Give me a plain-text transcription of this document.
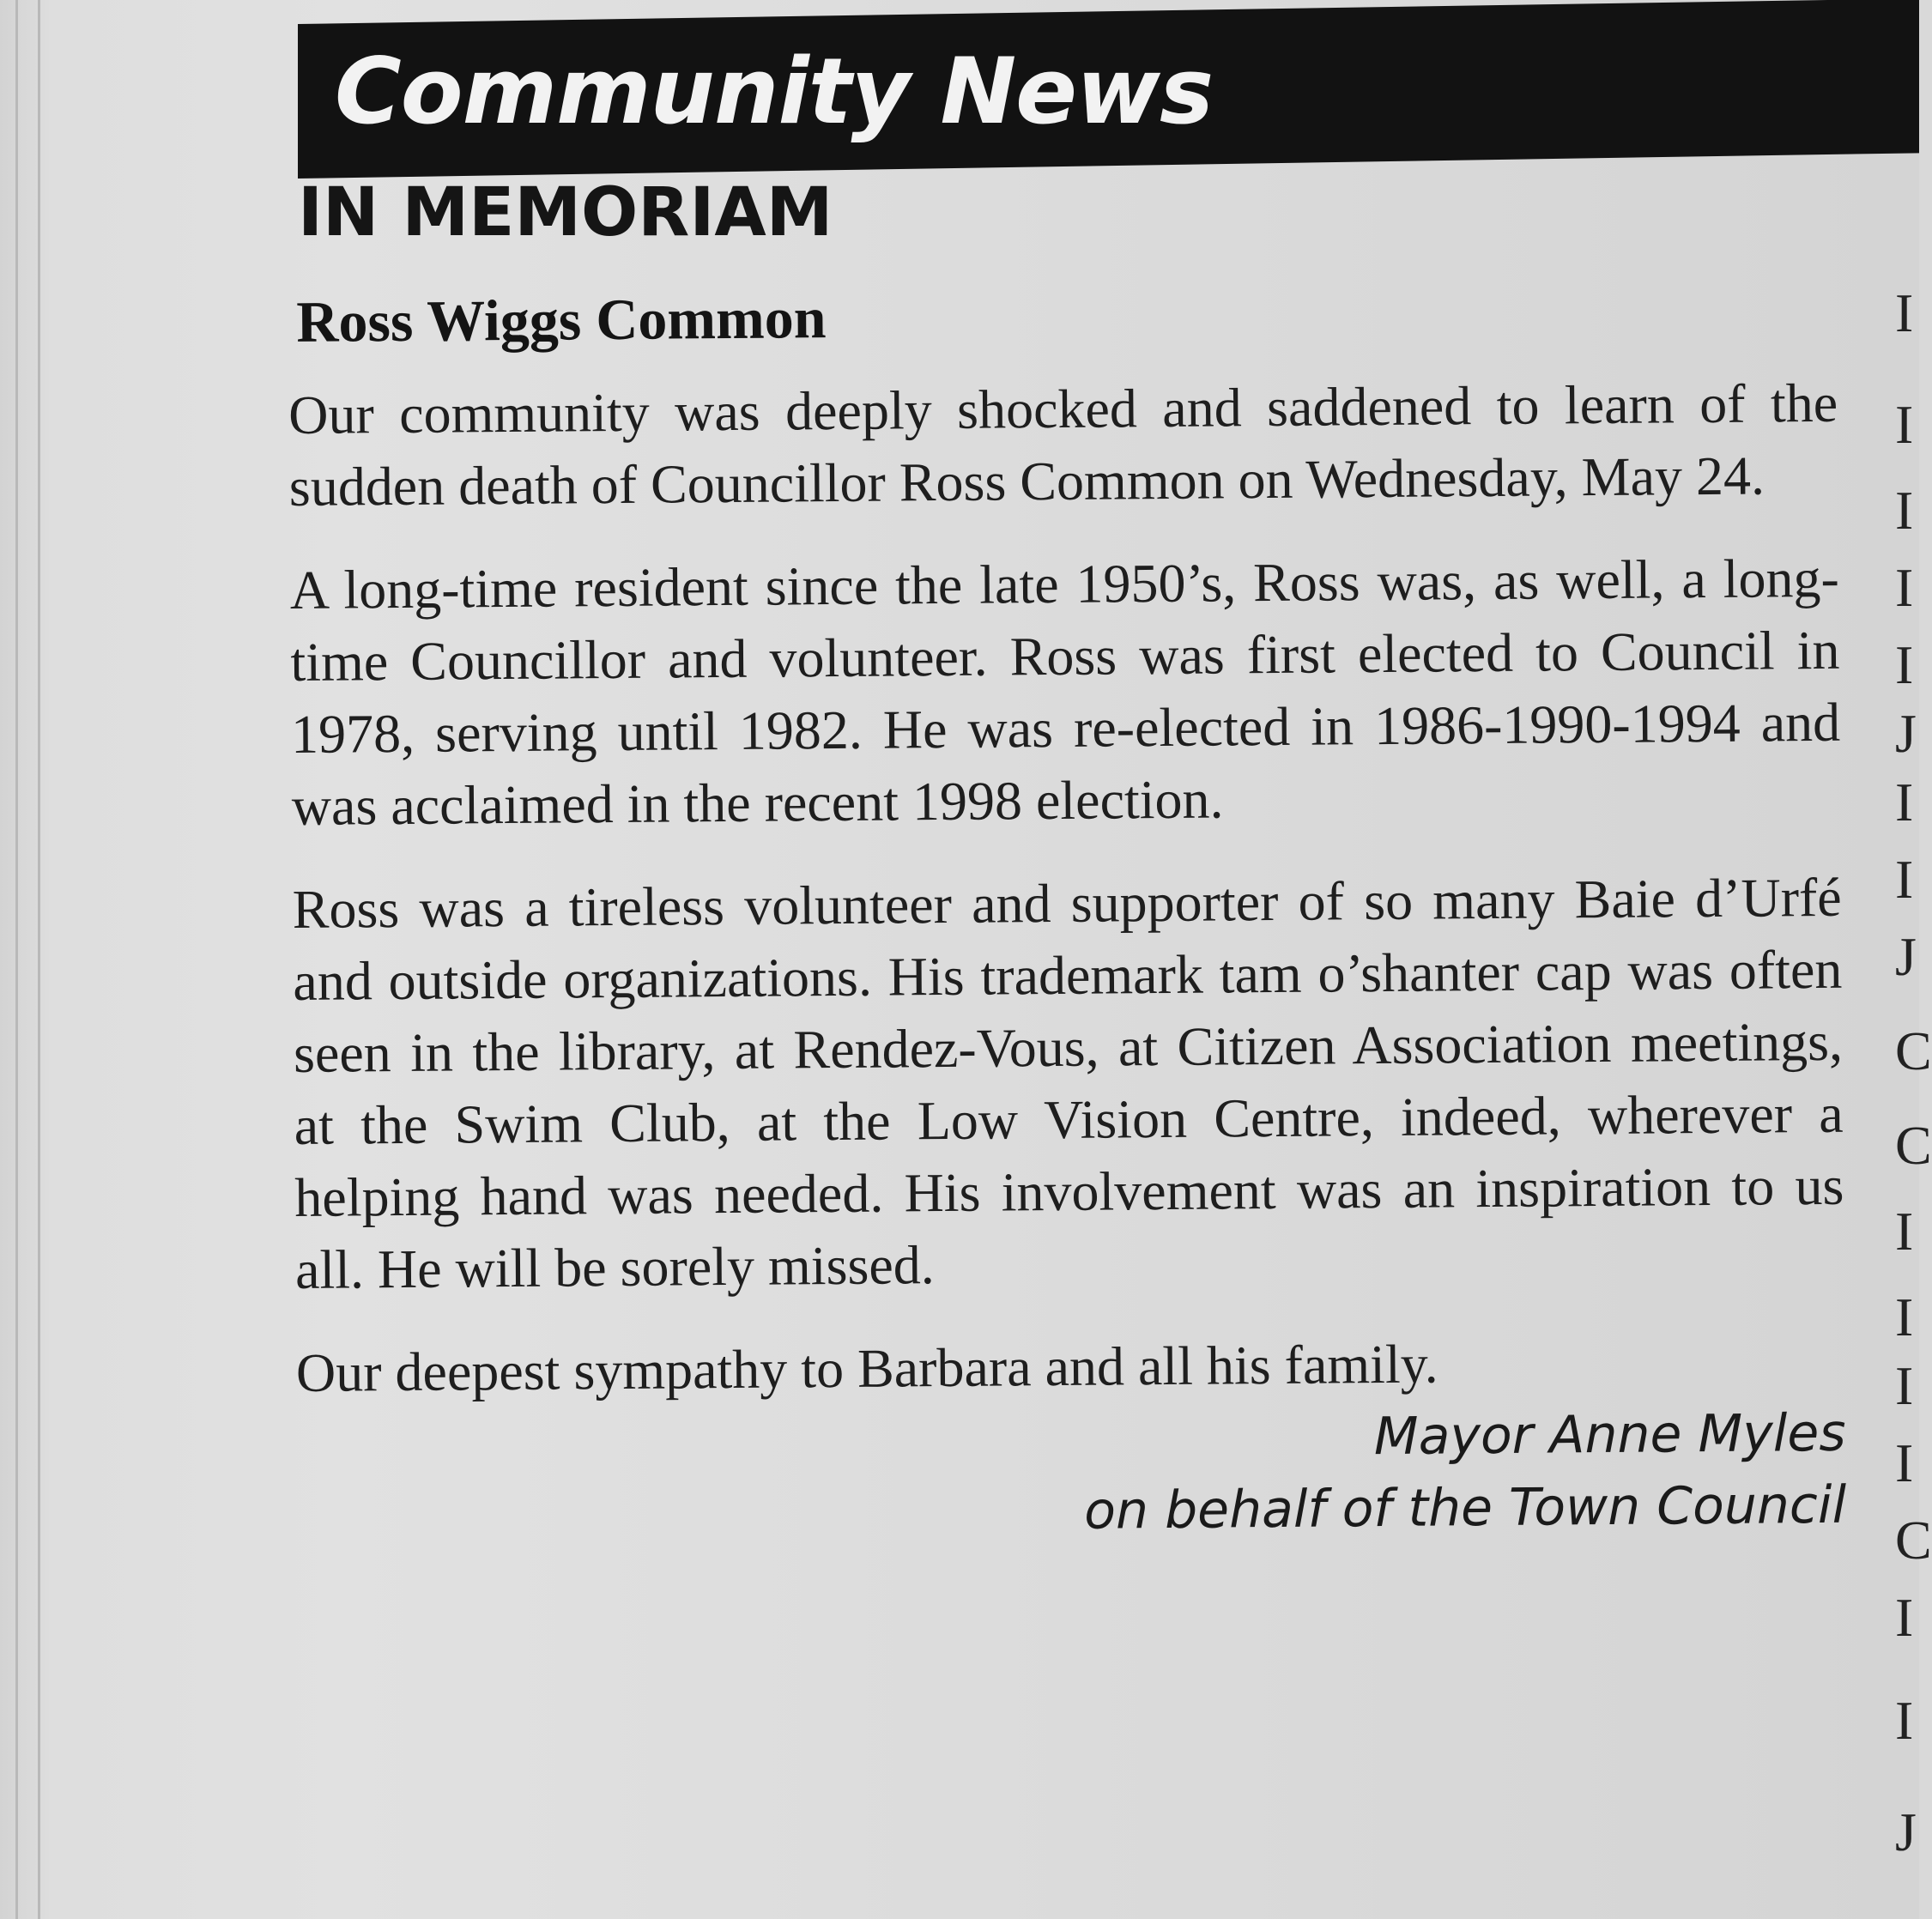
Community News
IN MEMORIAM
Ross Wiggs Common

Our community was deeply shocked and saddened to learn of the sudden death of Councillor Ross Common on Wednesday, May 24.

A long-time resident since the late 1950’s, Ross was, as well, a long-time Councillor and volunteer. Ross was first elected to Council in 1978, serving until 1982. He was re-elected in 1986-1990-1994 and was acclaimed in the recent 1998 election.

Ross was a tireless volunteer and supporter of so many Baie d’Urfé and outside organizations. His trademark tam o’shanter cap was often seen in the library, at Rendez-Vous, at Citizen Association meetings, at the Swim Club, at the Low Vision Centre, indeed, wherever a helping hand was needed. His involvement was an inspiration to us all. He will be sorely missed.

Our deepest sympathy to Barbara and all his family.

Mayor Anne Myles
on behalf of the Town Council
I
I
I
I
I
J
I
I
J
C
C
I
I
I
I
C
I
I
J
